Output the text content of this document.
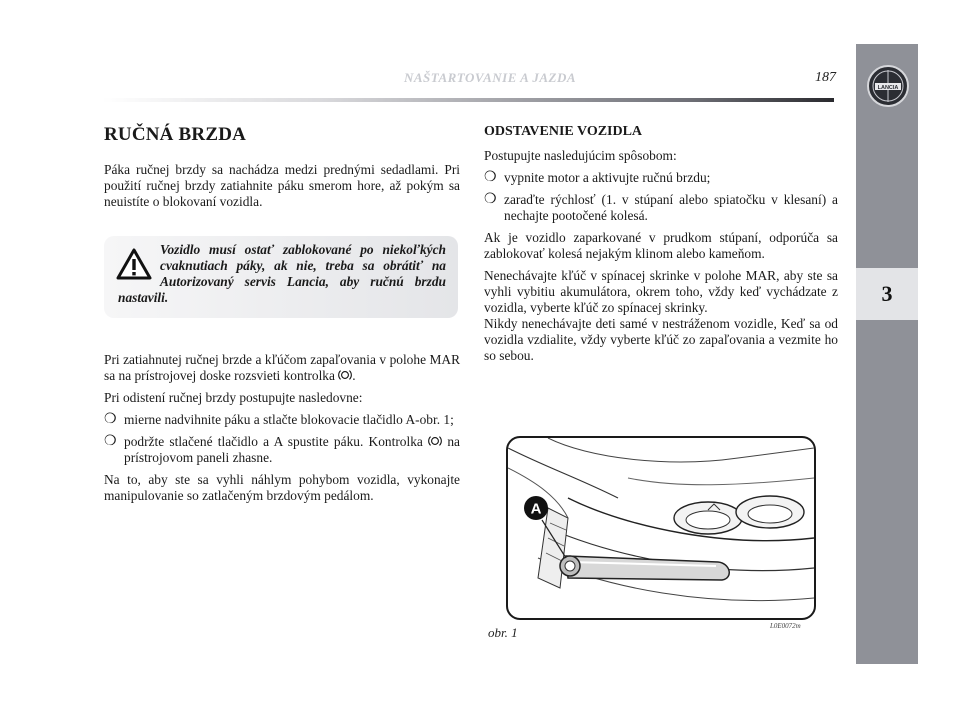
LANCIA
3
NAŠTARTOVANIE A JAZDA	187
RUČNÁ BRZDA

Páka ručnej brzdy sa nachádza medzi prednými sedadlami. Pri použití ručnej brzdy zatiahnite páku smerom hore, až pokým sa neuistíte o blokovaní vozidla.

Vozidlo musí ostať zablokované po niekoľkých cvaknutiach páky, ak nie, treba sa obrátiť na Autorizovaný servis Lancia, aby ručnú brzdu nastavili.

Pri zatiahnutej ručnej brzde a kľúčom zapaľovania v polohe MAR sa na prístrojovej doske rozsvieti kontrolka .

Pri odistení ručnej brzdy postupujte nasledovne:

❍ mierne nadvihnite páku a stlačte blokovacie tlačidlo A-obr. 1;
❍ podržte stlačené tlačidlo a A spustite páku. Kontrolka na prístrojovom paneli zhasne.

Na to, aby ste sa vyhli náhlym pohybom vozidla, vykonajte manipulovanie so zatlačeným brzdovým pedálom.

ODSTAVENIE VOZIDLA

Postupujte nasledujúcim spôsobom:

❍ vypnite motor a aktivujte ručnú brzdu;
❍ zaraďte rýchlosť (1. v stúpaní alebo spiatočku v klesaní) a nechajte pootočené kolesá.

Ak je vozidlo zaparkované v prudkom stúpaní, odporúča sa zablokovať kolesá nejakým klinom alebo kameňom.

Nenechávajte kľúč v spínacej skrinke v polohe MAR, aby ste sa vyhli vybitiu akumulátora, okrem toho, vždy keď vychádzate z vozidla, vyberte kľúč zo spínacej skrinky.

Nikdy nenechávajte deti samé v nestráženom vozidle, Keď sa od vozidla vzdialite, vždy vyberte kľúč zo zapaľovania a vezmite ho so sebou.

A
obr. 1	L0E0072m
